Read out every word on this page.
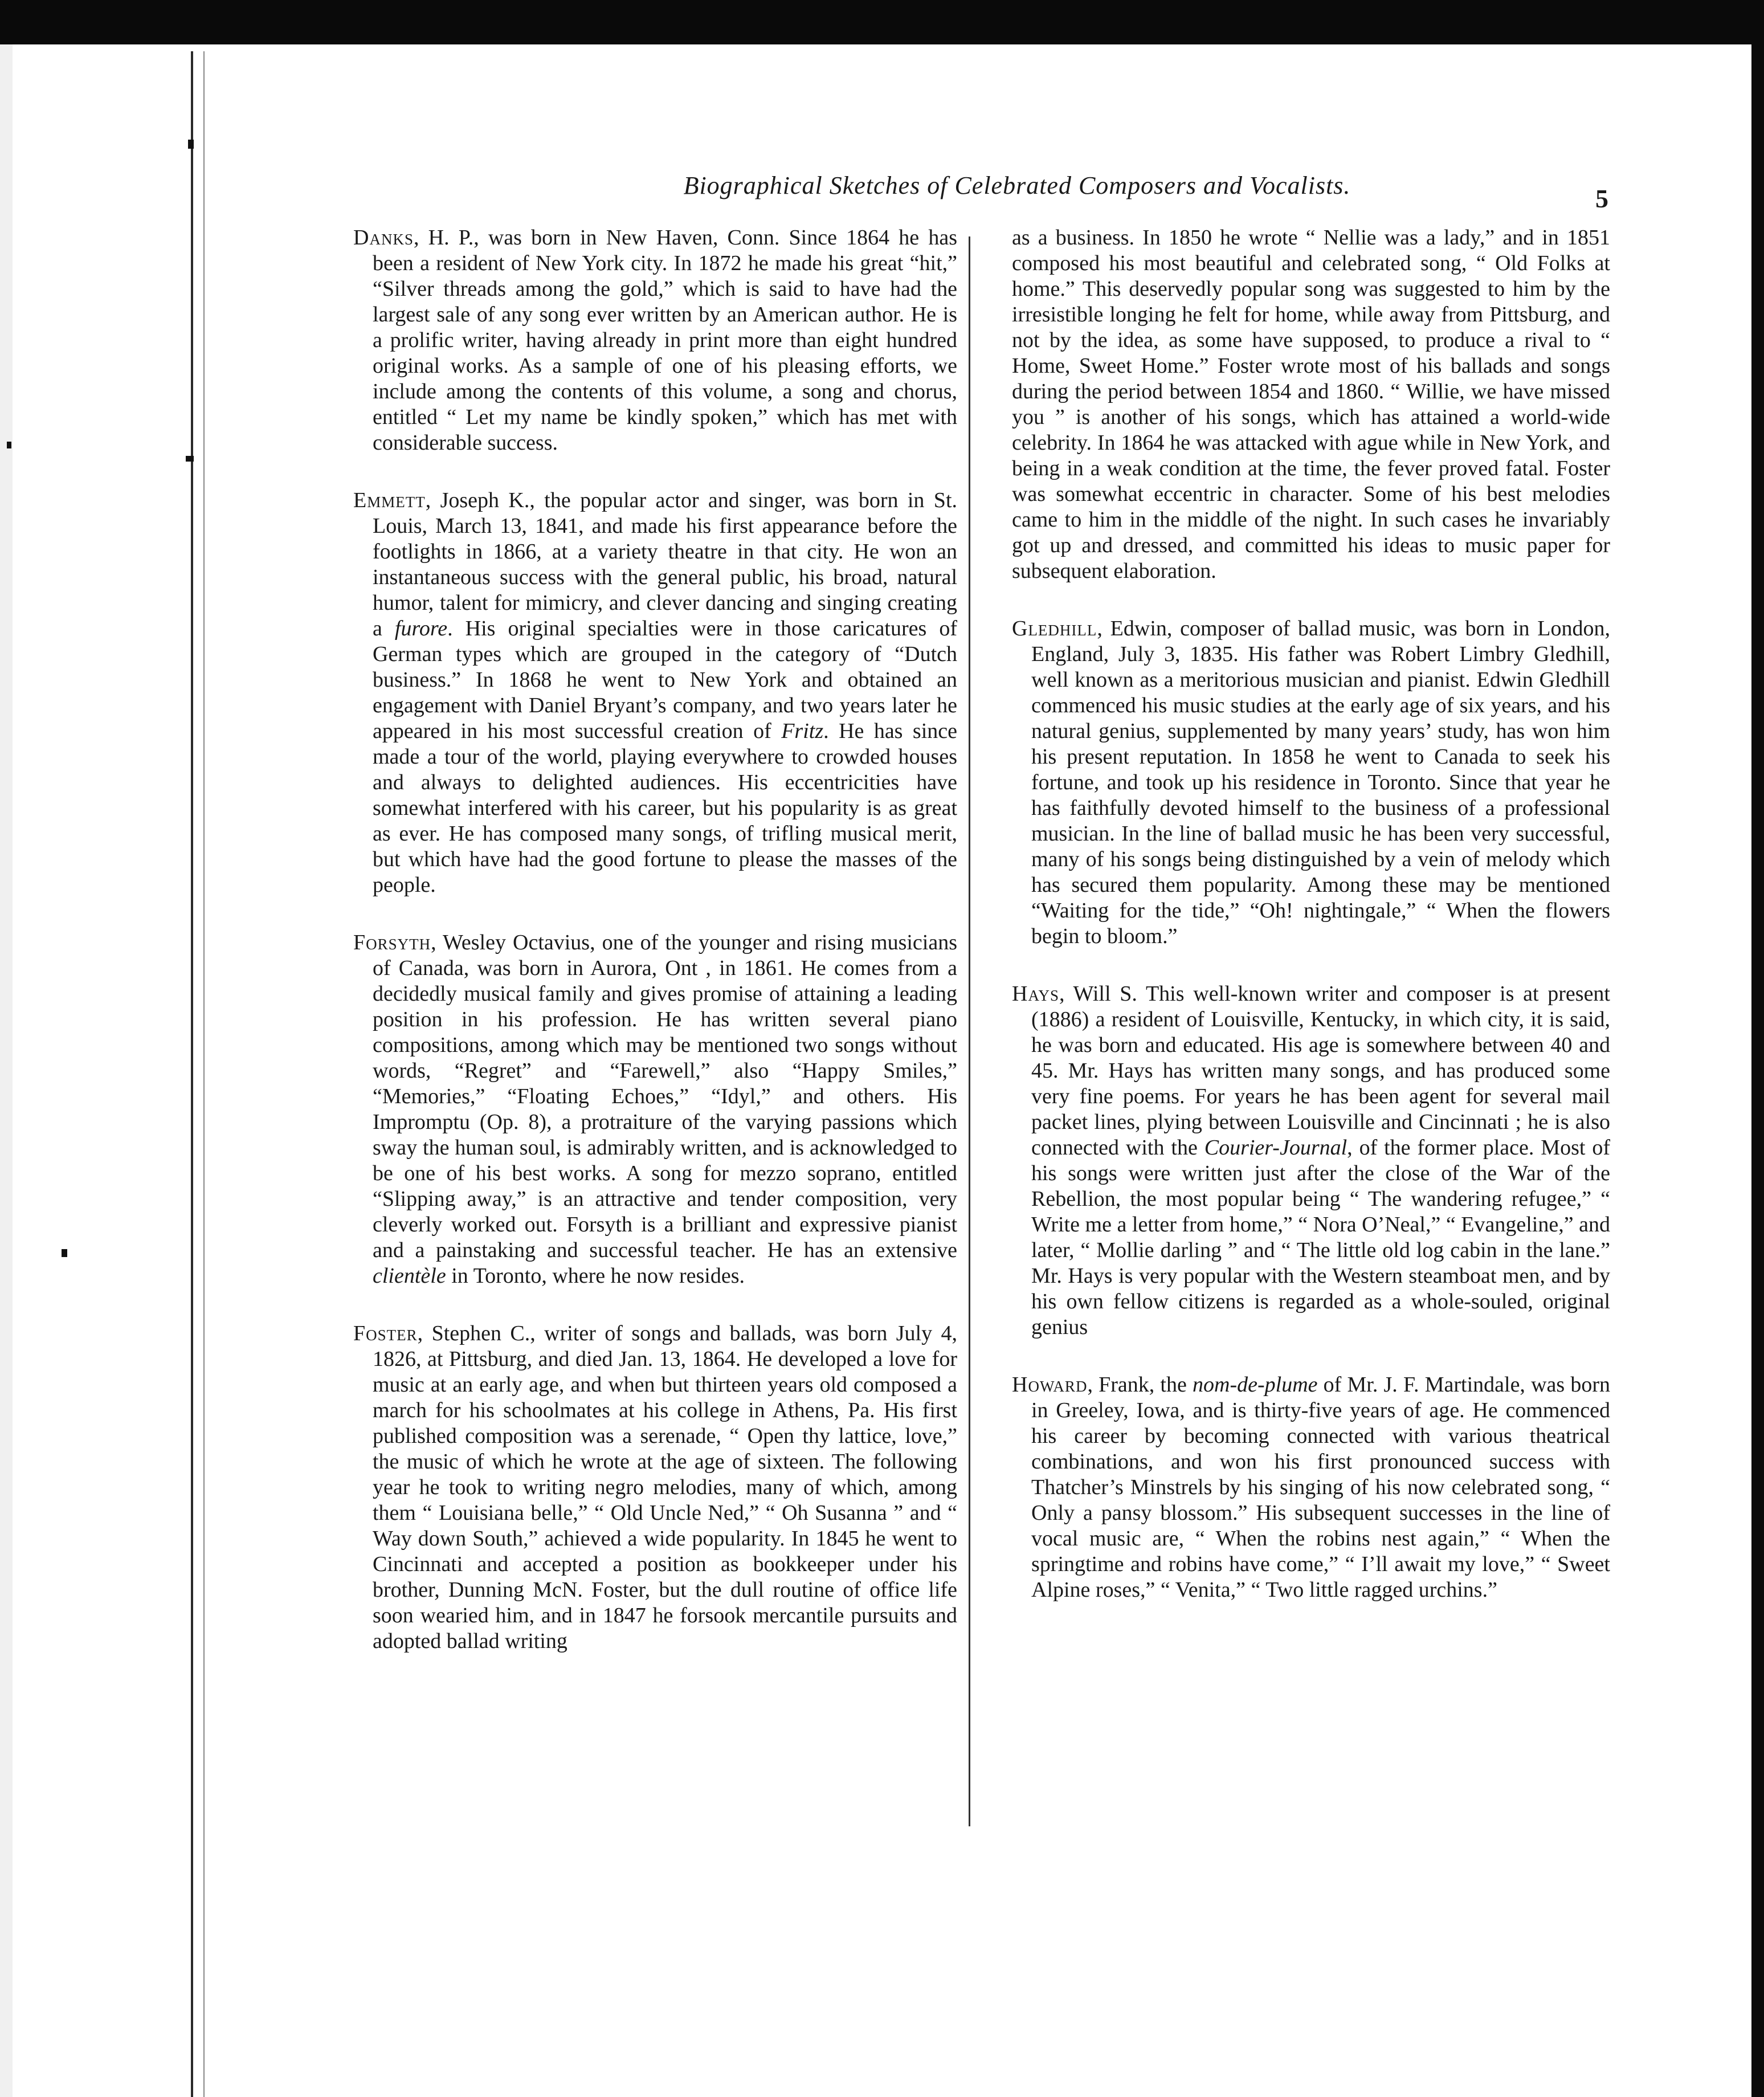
Biographical Sketches of Celebrated Composers and Vocalists.	5

Danks, H. P., was born in New Haven, Conn. Since 1864 he has been a resident of New York city. In 1872 he made his great “hit,” “Silver threads among the gold,” which is said to have had the largest sale of any song ever written by an American author. He is a prolific writer, having already in print more than eight hundred original works. As a sample of one of his pleasing efforts, we include among the contents of this volume, a song and chorus, entitled “ Let my name be kindly spoken,” which has met with considerable success.

Emmett, Joseph K., the popular actor and singer, was born in St. Louis, March 13, 1841, and made his first appearance before the footlights in 1866, at a variety theatre in that city. He won an instantaneous success with the general public, his broad, natural humor, talent for mimicry, and clever dancing and singing creating a furore. His original specialties were in those caricatures of German types which are grouped in the category of “Dutch business.” In 1868 he went to New York and obtained an engagement with Daniel Bryant’s company, and two years later he appeared in his most successful creation of Fritz. He has since made a tour of the world, playing everywhere to crowded houses and always to delighted audiences. His eccentricities have somewhat interfered with his career, but his popularity is as great as ever. He has composed many songs, of trifling musical merit, but which have had the good fortune to please the masses of the people.

Forsyth, Wesley Octavius, one of the younger and rising musicians of Canada, was born in Aurora, Ont , in 1861. He comes from a decidedly musical family and gives promise of attaining a leading position in his profession. He has written several piano compositions, among which may be mentioned two songs without words, “Regret” and “Farewell,” also “Happy Smiles,” “Memories,” “Floating Echoes,” “Idyl,” and others. His Impromptu (Op. 8), a protraiture of the varying passions which sway the human soul, is admirably written, and is acknowledged to be one of his best works. A song for mezzo soprano, entitled “Slipping away,” is an attractive and tender composition, very cleverly worked out. Forsyth is a brilliant and expressive pianist and a painstaking and successful teacher. He has an extensive clientèle in Toronto, where he now resides.

Foster, Stephen C., writer of songs and ballads, was born July 4, 1826, at Pittsburg, and died Jan. 13, 1864. He developed a love for music at an early age, and when but thirteen years old composed a march for his schoolmates at his college in Athens, Pa. His first published composition was a serenade, “ Open thy lattice, love,” the music of which he wrote at the age of sixteen. The following year he took to writing negro melodies, many of which, among them “ Louisiana belle,” “ Old Uncle Ned,” “ Oh Susanna ” and “ Way down South,” achieved a wide popularity. In 1845 he went to Cincinnati and accepted a position as bookkeeper under his brother, Dunning McN. Foster, but the dull routine of office life soon wearied him, and in 1847 he forsook mercantile pursuits and adopted ballad writing

as a business. In 1850 he wrote “ Nellie was a lady,” and in 1851 composed his most beautiful and celebrated song, “ Old Folks at home.” This deservedly popular song was suggested to him by the irresistible longing he felt for home, while away from Pittsburg, and not by the idea, as some have supposed, to produce a rival to “ Home, Sweet Home.” Foster wrote most of his ballads and songs during the period between 1854 and 1860. “ Willie, we have missed you ” is another of his songs, which has attained a world-wide celebrity. In 1864 he was attacked with ague while in New York, and being in a weak condition at the time, the fever proved fatal. Foster was somewhat eccentric in character. Some of his best melodies came to him in the middle of the night. In such cases he invariably got up and dressed, and committed his ideas to music paper for subsequent elaboration.

Gledhill, Edwin, composer of ballad music, was born in London, England, July 3, 1835. His father was Robert Limbry Gledhill, well known as a meritorious musician and pianist. Edwin Gledhill commenced his music studies at the early age of six years, and his natural genius, supplemented by many years’ study, has won him his present reputation. In 1858 he went to Canada to seek his fortune, and took up his residence in Toronto. Since that year he has faithfully devoted himself to the business of a professional musician. In the line of ballad music he has been very successful, many of his songs being distinguished by a vein of melody which has secured them popularity. Among these may be mentioned “Waiting for the tide,” “Oh! nightingale,” “ When the flowers begin to bloom.”

Hays, Will S. This well-known writer and composer is at present (1886) a resident of Louisville, Kentucky, in which city, it is said, he was born and educated. His age is somewhere between 40 and 45. Mr. Hays has written many songs, and has produced some very fine poems. For years he has been agent for several mail packet lines, plying between Louisville and Cincinnati ; he is also connected with the Courier-Journal, of the former place. Most of his songs were written just after the close of the War of the Rebellion, the most popular being “ The wandering refugee,” “ Write me a letter from home,” “ Nora O’Neal,” “ Evangeline,” and later, “ Mollie darling ” and “ The little old log cabin in the lane.” Mr. Hays is very popular with the Western steamboat men, and by his own fellow citizens is regarded as a whole-souled, original genius

Howard, Frank, the nom-de-plume of Mr. J. F. Martindale, was born in Greeley, Iowa, and is thirty-five years of age. He commenced his career by becoming connected with various theatrical combinations, and won his first pronounced success with Thatcher’s Minstrels by his singing of his now celebrated song, “ Only a pansy blossom.” His subsequent successes in the line of vocal music are, “ When the robins nest again,” “ When the springtime and robins have come,” “ I’ll await my love,” “ Sweet Alpine roses,” “ Venita,” “ Two little ragged urchins.”
